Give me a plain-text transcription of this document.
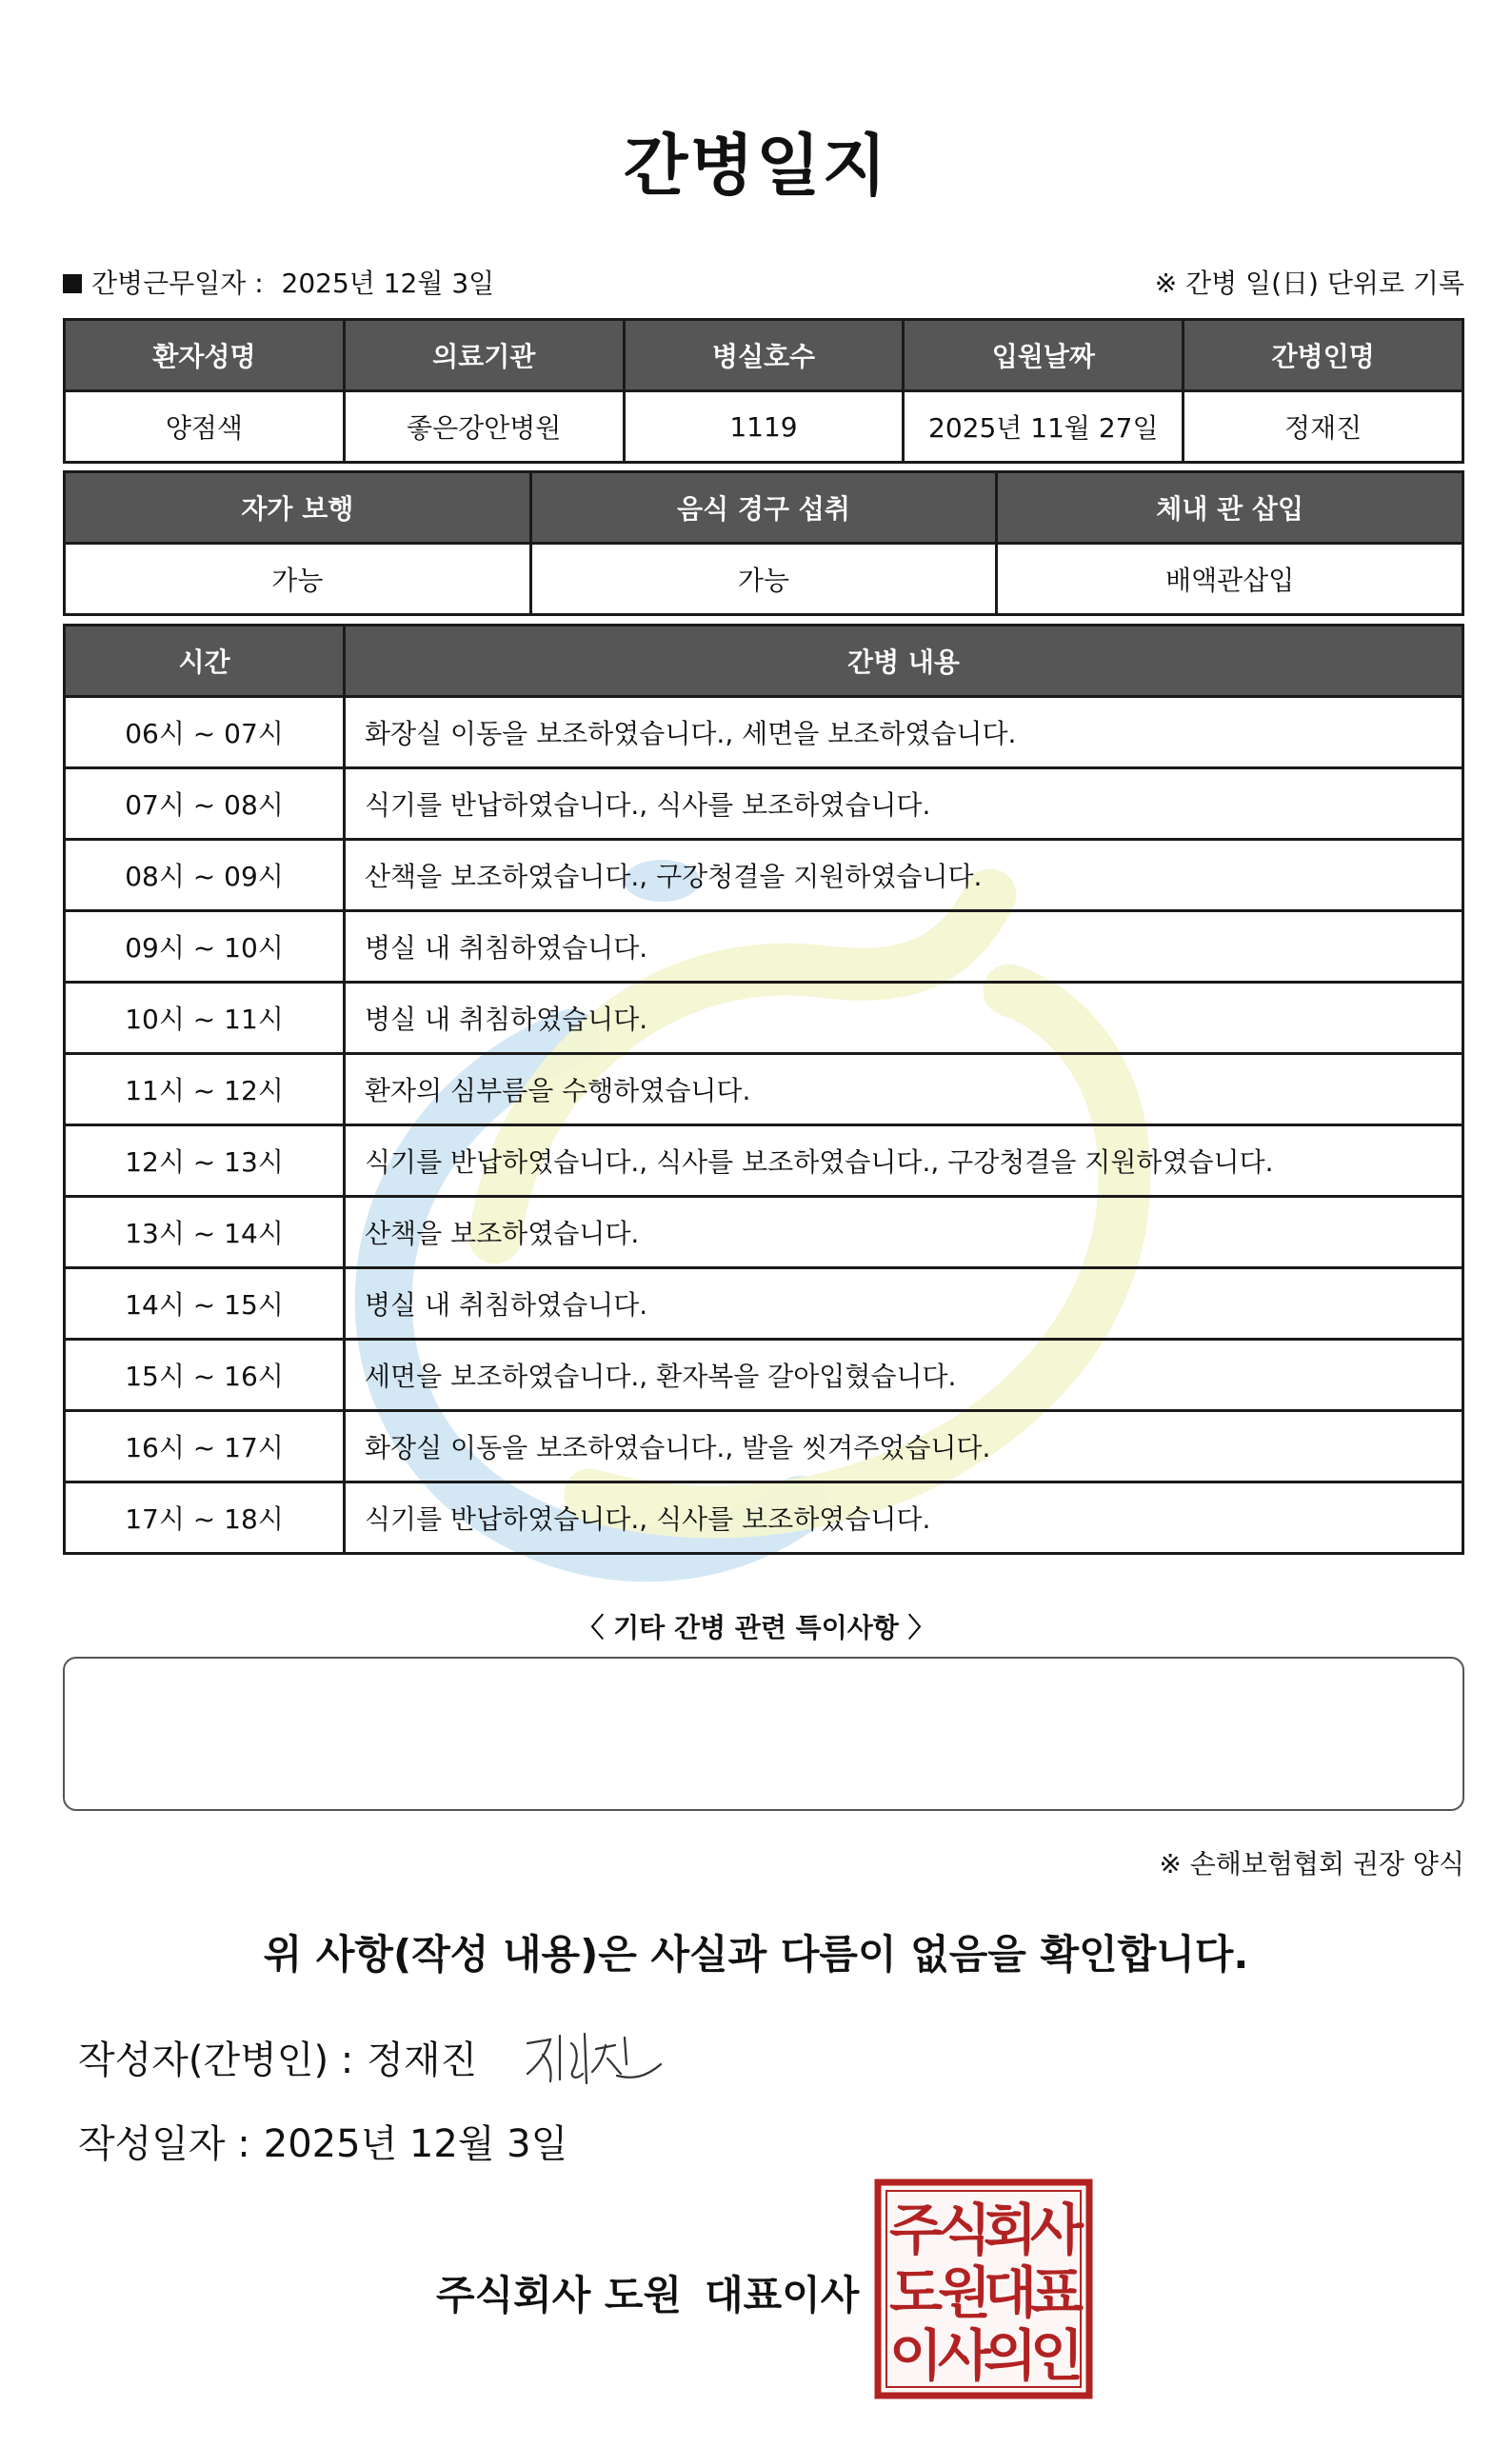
간병일지
간병근무일자 : 2025년 12월 3일	※ 간병 일(日) 단위로 기록
환자성명	의료기관	병실호수	입원날짜	간병인명
양점색	좋은강안병원	1119	2025년 11월 27일	정재진
자가 보행	음식 경구 섭취	체내 관 삽입
가능	가능	배액관삽입
시간	간병 내용
06시 ~ 07시	화장실 이동을 보조하였습니다., 세면을 보조하였습니다.
07시 ~ 08시	식기를 반납하였습니다., 식사를 보조하였습니다.
08시 ~ 09시	산책을 보조하였습니다., 구강청결을 지원하였습니다.
09시 ~ 10시	병실 내 취침하였습니다.
10시 ~ 11시	병실 내 취침하였습니다.
11시 ~ 12시	환자의 심부름을 수행하였습니다.
12시 ~ 13시	식기를 반납하였습니다., 식사를 보조하였습니다., 구강청결을 지원하였습니다.
13시 ~ 14시	산책을 보조하였습니다.
14시 ~ 15시	병실 내 취침하였습니다.
15시 ~ 16시	세면을 보조하였습니다., 환자복을 갈아입혔습니다.
16시 ~ 17시	화장실 이동을 보조하였습니다., 발을 씻겨주었습니다.
17시 ~ 18시	식기를 반납하였습니다., 식사를 보조하였습니다.
〈 기타 간병 관련 특이사항 〉
※ 손해보험협회 권장 양식
위 사항(작성 내용)은 사실과 다름이 없음을 확인합니다.
작성자(간병인) : 정재진
작성일자 : 2025년 12월 3일
주식회사 도원 대표이사
주
식
회
사
도
원
대
표
이
사
의
인
